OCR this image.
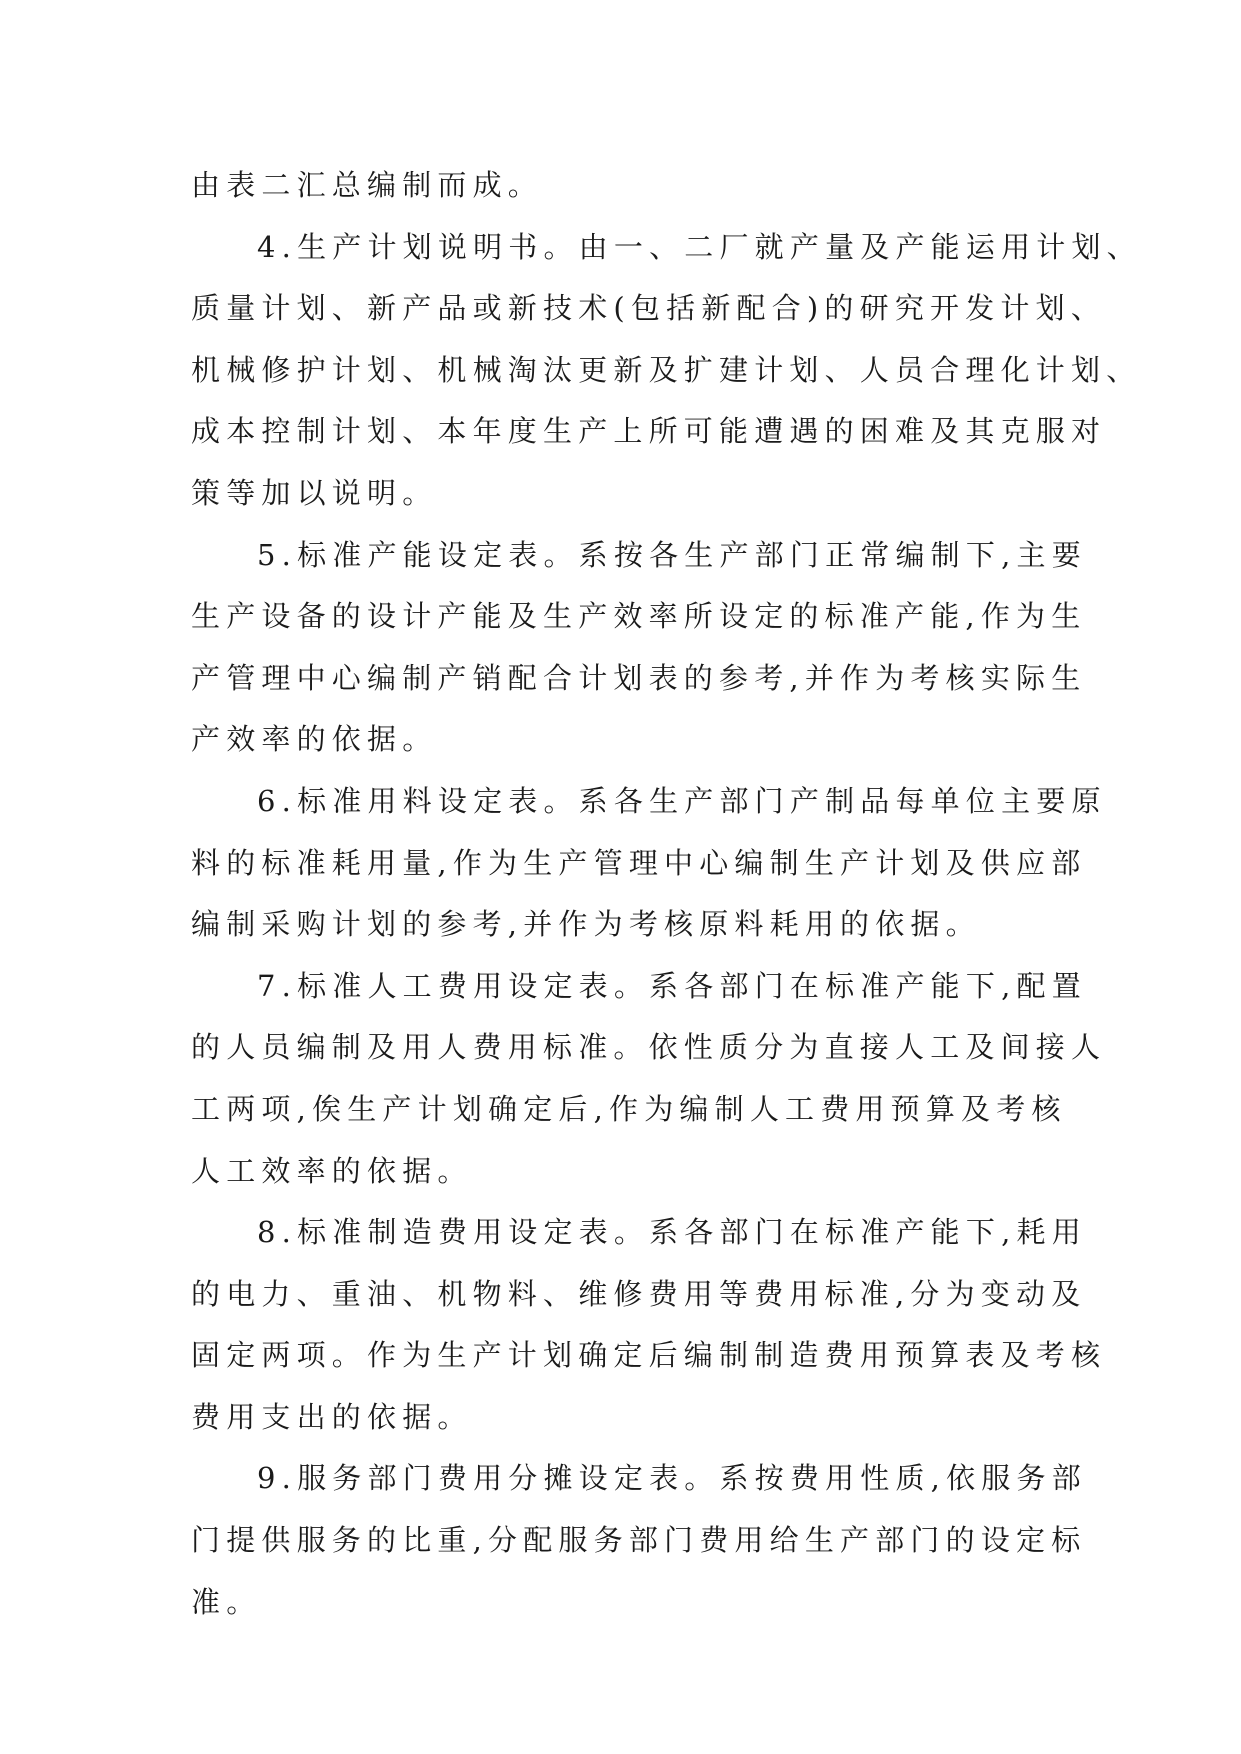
由表二汇总编制而成。

4.生产计划说明书。由一、二厂就产量及产能运用计划、
质量计划、新产品或新技术(包括新配合)的研究开发计划、
机械修护计划、机械淘汰更新及扩建计划、人员合理化计划、
成本控制计划、本年度生产上所可能遭遇的困难及其克服对
策等加以说明。

5.标准产能设定表。系按各生产部门正常编制下,主要
生产设备的设计产能及生产效率所设定的标准产能,作为生
产管理中心编制产销配合计划表的参考,并作为考核实际生
产效率的依据。

6.标准用料设定表。系各生产部门产制品每单位主要原
料的标准耗用量,作为生产管理中心编制生产计划及供应部
编制采购计划的参考,并作为考核原料耗用的依据。

7.标准人工费用设定表。系各部门在标准产能下,配置
的人员编制及用人费用标准。依性质分为直接人工及间接人
工两项,俟生产计划确定后,作为编制人工费用预算及考核
人工效率的依据。

8.标准制造费用设定表。系各部门在标准产能下,耗用
的电力、重油、机物料、维修费用等费用标准,分为变动及
固定两项。作为生产计划确定后编制制造费用预算表及考核
费用支出的依据。

9.服务部门费用分摊设定表。系按费用性质,依服务部
门提供服务的比重,分配服务部门费用给生产部门的设定标
准。
